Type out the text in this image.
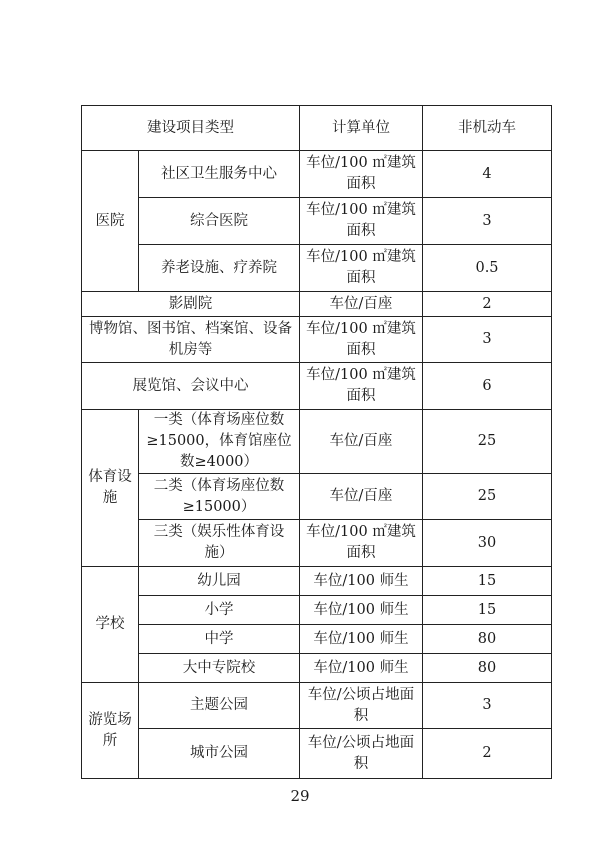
建设项目类型		计算单位	非机动车
医院	社区卫生服务中心	车位/100 ㎡建筑面积	4
	综合医院	车位/100 ㎡建筑面积	3
	养老设施、疗养院	车位/100 ㎡建筑面积	0.5
影剧院		车位/百座	2
博物馆、图书馆、档案馆、设备机房等		车位/100 ㎡建筑面积	3
展览馆、会议中心		车位/100 ㎡建筑面积	6
体育设施	一类（体育场座位数≥15000，体育馆座位数≥4000）	车位/百座	25
	二类（体育场座位数≥15000）	车位/百座	25
	三类（娱乐性体育设施）	车位/100 ㎡建筑面积	30
学校	幼儿园	车位/100 师生	15
	小学	车位/100 师生	15
	中学	车位/100 师生	80
	大中专院校	车位/100 师生	80
游览场所	主题公园	车位/公顷占地面积	3
	城市公园	车位/公顷占地面积	2
29
